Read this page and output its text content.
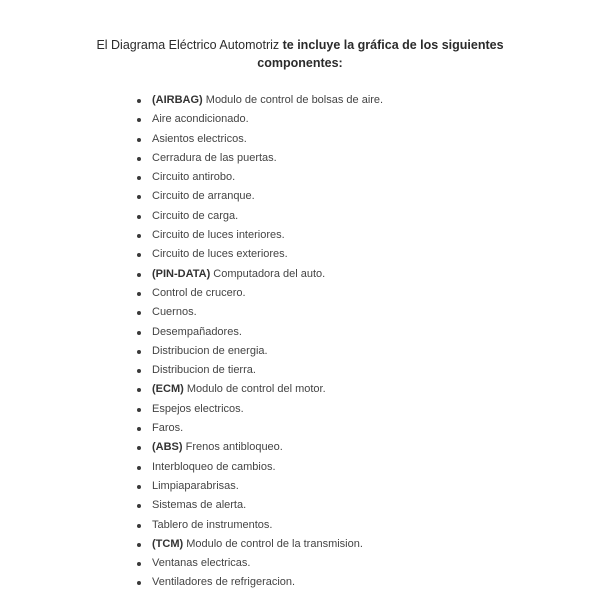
El Diagrama Eléctrico Automotriz te incluye la gráfica de los siguientes componentes:
(AIRBAG) Modulo de control de bolsas de aire.
Aire acondicionado.
Asientos electricos.
Cerradura de las puertas.
Circuito antirobo.
Circuito de arranque.
Circuito de carga.
Circuito de luces interiores.
Circuito de luces exteriores.
(PIN-DATA) Computadora del auto.
Control de crucero.
Cuernos.
Desempañadores.
Distribucion de energia.
Distribucion de tierra.
(ECM) Modulo de control del motor.
Espejos electricos.
Faros.
(ABS) Frenos antibloqueo.
Interbloqueo de cambios.
Limpiaparabrisas.
Sistemas de alerta.
Tablero de instrumentos.
(TCM) Modulo de control de la transmision.
Ventanas electricas.
Ventiladores de refrigeracion.
